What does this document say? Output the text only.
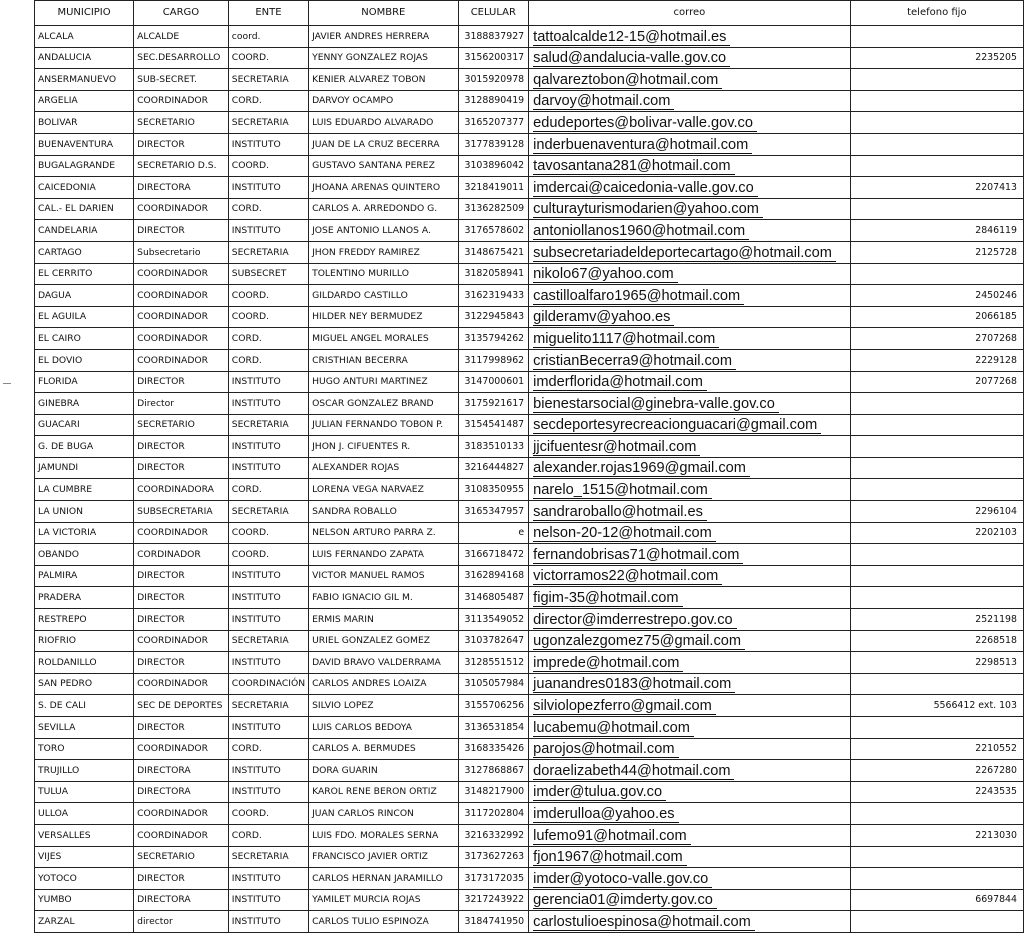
MUNICIPIO	CARGO	ENTE	NOMBRE	CELULAR	correo	telefono fijo
ALCALA	ALCALDE	coord.	JAVIER ANDRES HERRERA	3188837927	tattoalcalde12-15@hotmail.es	
ANDALUCIA	SEC.DESARROLLO	COORD.	YENNY GONZALEZ ROJAS	3156200317	salud@andalucia-valle.gov.co	2235205
ANSERMANUEVO	SUB-SECRET.	SECRETARIA	KENIER ALVAREZ TOBON	3015920978	qalvareztobon@hotmail.com	
ARGELIA	COORDINADOR	CORD.	DARVOY OCAMPO	3128890419	darvoy@hotmail.com	
BOLIVAR	SECRETARIO	SECRETARIA	LUIS EDUARDO ALVARADO	3165207377	edudeportes@bolivar-valle.gov.co	
BUENAVENTURA	DIRECTOR	INSTITUTO	JUAN DE LA CRUZ BECERRA	3177839128	inderbuenaventura@hotmail.com	
BUGALAGRANDE	SECRETARIO D.S.	COORD.	GUSTAVO SANTANA PEREZ	3103896042	tavosantana281@hotmail.com	
CAICEDONIA	DIRECTORA	INSTITUTO	JHOANA ARENAS QUINTERO	3218419011	imdercai@caicedonia-valle.gov.co	2207413
CAL.- EL DARIEN	COORDINADOR	CORD.	CARLOS A. ARREDONDO G.	3136282509	culturayturismodarien@yahoo.com	
CANDELARIA	DIRECTOR	INSTITUTO	JOSE ANTONIO LLANOS A.	3176578602	antoniollanos1960@hotmail.com	2846119
CARTAGO	Subsecretario	SECRETARIA	JHON FREDDY RAMIREZ	3148675421	subsecretariadeldeportecartago@hotmail.com	2125728
EL CERRITO	COORDINADOR	SUBSECRET	TOLENTINO MURILLO	3182058941	nikolo67@yahoo.com	
DAGUA	COORDINADOR	COORD.	GILDARDO CASTILLO	3162319433	castilloalfaro1965@hotmail.com	2450246
EL AGUILA	COORDINADOR	COORD.	HILDER NEY BERMUDEZ	3122945843	gilderamv@yahoo.es	2066185
EL CAIRO	COORDINADOR	CORD.	MIGUEL ANGEL MORALES	3135794262	miguelito1117@hotmail.com	2707268
EL DOVIO	COORDINADOR	CORD.	CRISTHIAN BECERRA	3117998962	cristianBecerra9@hotmail.com	2229128
FLORIDA	DIRECTOR	INSTITUTO	HUGO ANTURI MARTINEZ	3147000601	imderflorida@hotmail.com	2077268
GINEBRA	Director	INSTITUTO	OSCAR GONZALEZ BRAND	3175921617	bienestarsocial@ginebra-valle.gov.co	
GUACARI	SECRETARIO	SECRETARIA	JULIAN FERNANDO TOBON P.	3154541487	secdeportesyrecreacionguacari@gmail.com	
G. DE BUGA	DIRECTOR	INSTITUTO	JHON J. CIFUENTES R.	3183510133	jjcifuentesr@hotmail.com	
JAMUNDI	DIRECTOR	INSTITUTO	ALEXANDER ROJAS	3216444827	alexander.rojas1969@gmail.com	
LA CUMBRE	COORDINADORA	CORD.	LORENA VEGA NARVAEZ	3108350955	narelo_1515@hotmail.com	
LA UNION	SUBSECRETARIA	SECRETARIA	SANDRA ROBALLO	3165347957	sandraroballo@hotmail.es	2296104
LA VICTORIA	COORDINADOR	COORD.	NELSON ARTURO PARRA Z.	e	nelson-20-12@hotmail.com	2202103
OBANDO	CORDINADOR	COORD.	LUIS FERNANDO ZAPATA	3166718472	fernandobrisas71@hotmail.com	
PALMIRA	DIRECTOR	INSTITUTO	VICTOR MANUEL RAMOS	3162894168	victorramos22@hotmail.com	
PRADERA	DIRECTOR	INSTITUTO	FABIO IGNACIO GIL M.	3146805487	figim-35@hotmail.com	
RESTREPO	DIRECTOR	INSTITUTO	ERMIS MARIN	3113549052	director@imderrestrepo.gov.co	2521198
RIOFRIO	COORDINADOR	SECRETARIA	URIEL GONZALEZ GOMEZ	3103782647	ugonzalezgomez75@gmail.com	2268518
ROLDANILLO	DIRECTOR	INSTITUTO	DAVID BRAVO VALDERRAMA	3128551512	imprede@hotmail.com	2298513
SAN PEDRO	COORDINADOR	COORDINACIÓN	CARLOS ANDRES LOAIZA	3105057984	juanandres0183@hotmail.com	
S. DE CALI	SEC DE DEPORTES	SECRETARIA	SILVIO LOPEZ	3155706256	silviolopezferro@gmail.com	5566412 ext. 103
SEVILLA	DIRECTOR	INSTITUTO	LUIS CARLOS BEDOYA	3136531854	lucabemu@hotmail.com	
TORO	COORDINADOR	CORD.	CARLOS A. BERMUDES	3168335426	parojos@hotmail.com	2210552
TRUJILLO	DIRECTORA	INSTITUTO	DORA GUARIN	3127868867	doraelizabeth44@hotmail.com	2267280
TULUA	DIRECTORA	INSTITUTO	KAROL RENE BERON ORTIZ	3148217900	imder@tulua.gov.co	2243535
ULLOA	COORDINADOR	COORD.	JUAN CARLOS RINCON	3117202804	imderulloa@yahoo.es	
VERSALLES	COORDINADOR	CORD.	LUIS FDO. MORALES SERNA	3216332992	lufemo91@hotmail.com	2213030
VIJES	SECRETARIO	SECRETARIA	FRANCISCO JAVIER ORTIZ	3173627263	fjon1967@hotmail.com	
YOTOCO	DIRECTOR	INSTITUTO	CARLOS HERNAN JARAMILLO	3173172035	imder@yotoco-valle.gov.co	
YUMBO	DIRECTORA	INSTITUTO	YAMILET MURCIA ROJAS	3217243922	gerencia01@imderty.gov.co	6697844
ZARZAL	director	INSTITUTO	CARLOS TULIO ESPINOZA	3184741950	carlostulioespinosa@hotmail.com	
